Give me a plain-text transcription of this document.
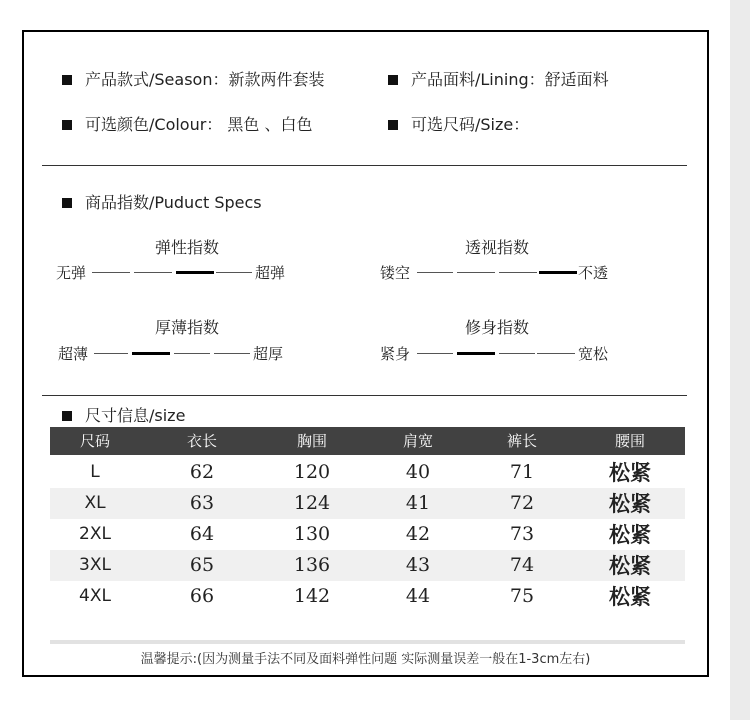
产品款式/Season：新款两件套装	产品面料/Lining：舒适面料
可选颜色/Colour： 黑色 、白色	可选尺码/Size：
商品指数/Puduct Specs
弹性指数
无弹	超弹
透视指数
镂空	不透
厚薄指数
超薄	超厚
修身指数
紧身	宽松
尺寸信息/size
尺码	衣长	胸围	肩宽	裤长	腰围
L	62	120	40	71	松紧
XL	63	124	41	72	松紧
2XL	64	130	42	73	松紧
3XL	65	136	43	74	松紧
4XL	66	142	44	75	松紧
温馨提示:(因为测量手法不同及面料弹性问题 实际测量误差一般在1-3cm左右)
